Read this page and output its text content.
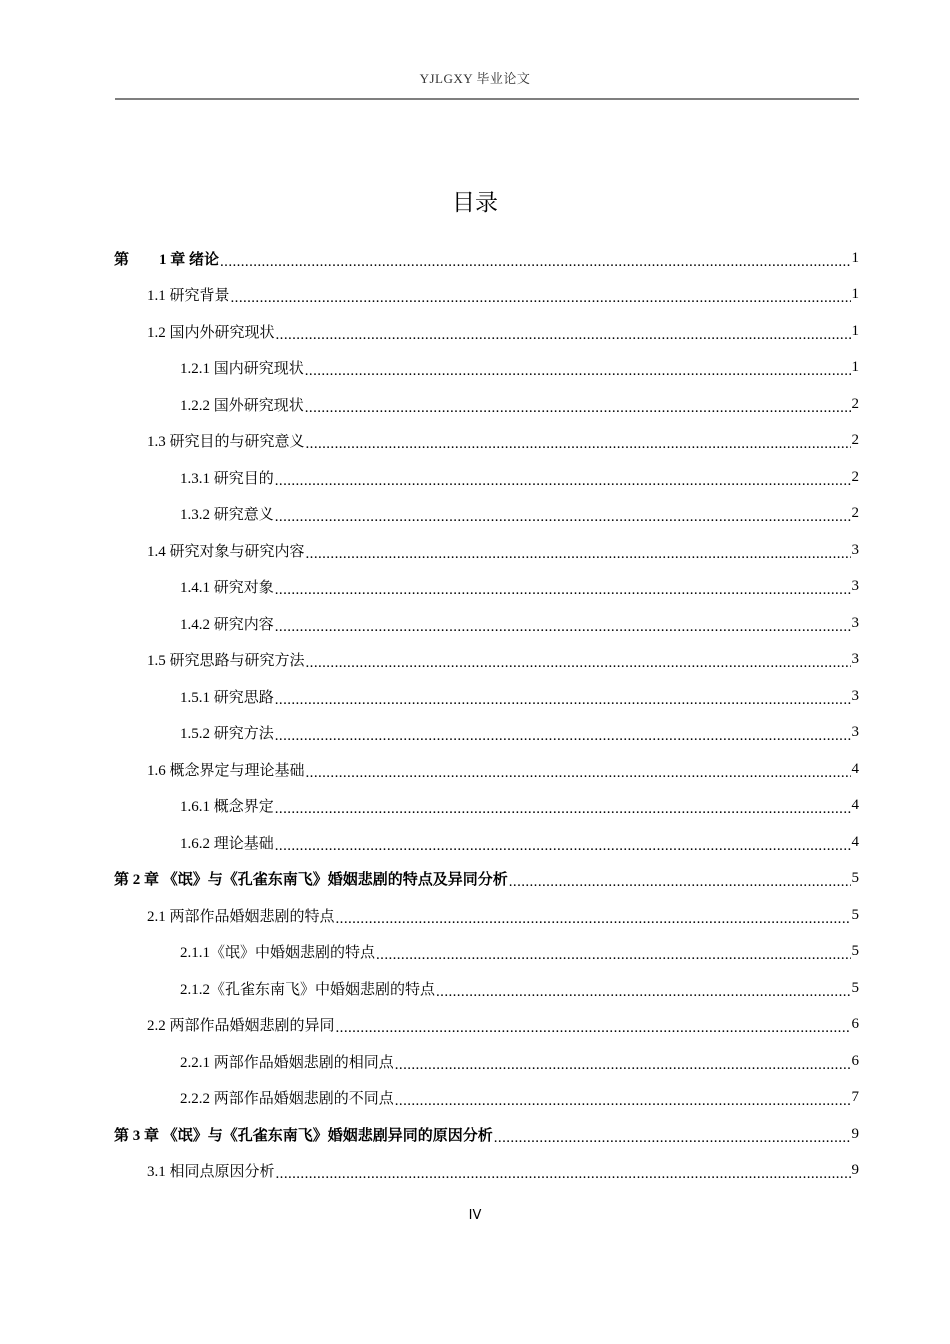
YJLGXY 毕业论文
目录
第　　1 章 绪论 .....	1
1.1 研究背景 .....	1
1.2 国内外研究现状 .....	1
1.2.1 国内研究现状 .....	1
1.2.2 国外研究现状 .....	2
1.3 研究目的与研究意义 .....	2
1.3.1 研究目的 .....	2
1.3.2 研究意义 .....	2
1.4 研究对象与研究内容 .....	3
1.4.1 研究对象 .....	3
1.4.2 研究内容 .....	3
1.5 研究思路与研究方法 .....	3
1.5.1 研究思路 .....	3
1.5.2 研究方法 .....	3
1.6 概念界定与理论基础 .....	4
1.6.1 概念界定 .....	4
1.6.2 理论基础 .....	4
第 2 章 《氓》与《孔雀东南飞》婚姻悲剧的特点及异同分析 .....	5
2.1 两部作品婚姻悲剧的特点 .....	5
2.1.1《氓》中婚姻悲剧的特点 .....	5
2.1.2《孔雀东南飞》中婚姻悲剧的特点 .....	5
2.2 两部作品婚姻悲剧的异同 .....	6
2.2.1 两部作品婚姻悲剧的相同点 .....	6
2.2.2 两部作品婚姻悲剧的不同点 .....	7
第 3 章 《氓》与《孔雀东南飞》婚姻悲剧异同的原因分析 .....	9
3.1 相同点原因分析 .....	9
IV
